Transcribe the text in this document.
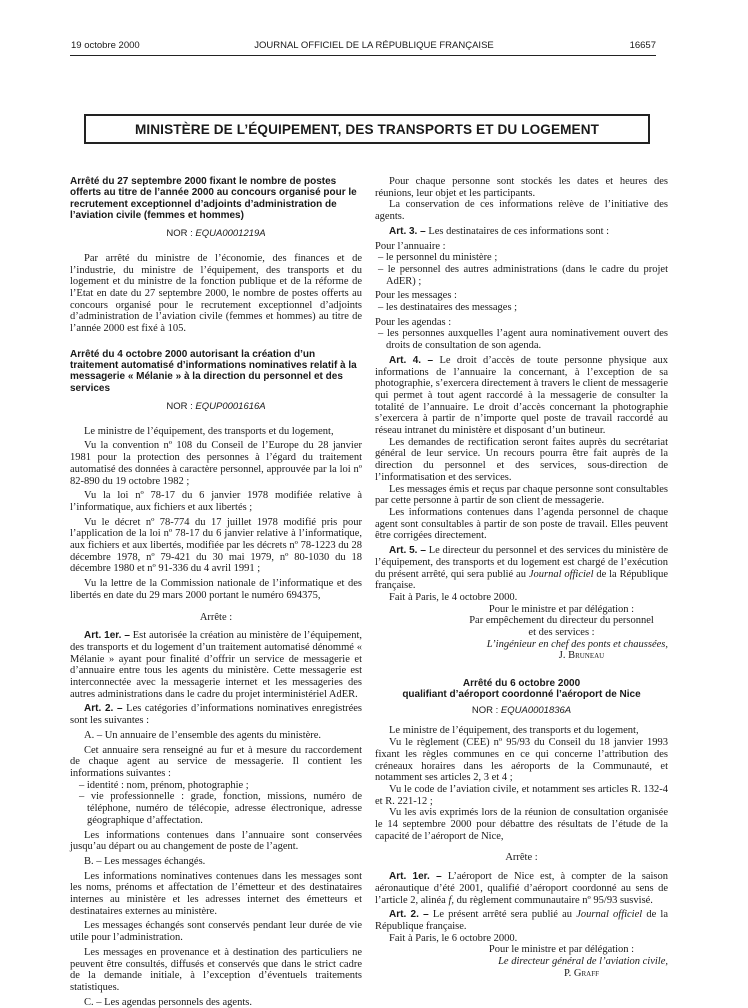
19 octobre 2000	JOURNAL OFFICIEL DE LA RÉPUBLIQUE FRANÇAISE	16657
MINISTÈRE DE L’ÉQUIPEMENT, DES TRANSPORTS ET DU LOGEMENT
Arrêté du 27 septembre 2000 fixant le nombre de postes offerts au titre de l’année 2000 au concours organisé pour le recrutement exceptionnel d’adjoints d’administration de l’aviation civile (femmes et hommes)
NOR : EQUA0001219A

Par arrêté du ministre de l’économie, des finances et de l’industrie, du ministre de l’équipement, des transports et du logement et du ministre de la fonction publique et de la réforme de l’Etat en date du 27 septembre 2000, le nombre de postes offerts au concours organisé pour le recrutement exceptionnel d’adjoints d’administration de l’aviation civile (femmes et hommes) au titre de l’année 2000 est fixé à 105.

Arrêté du 4 octobre 2000 autorisant la création d’un traitement automatisé d’informations nominatives relatif à la messagerie « Mélanie » à la direction du personnel et des services
NOR : EQUP0001616A

Le ministre de l’équipement, des transports et du logement,

Vu la convention nº 108 du Conseil de l’Europe du 28 janvier 1981 pour la protection des personnes à l’égard du traitement automatisé des données à caractère personnel, approuvée par la loi nº 82-890 du 19 octobre 1982 ;

Vu la loi nº 78-17 du 6 janvier 1978 modifiée relative à l’informatique, aux fichiers et aux libertés ;

Vu le décret nº 78-774 du 17 juillet 1978 modifié pris pour l’application de la loi nº 78-17 du 6 janvier relative à l’informatique, aux fichiers et aux libertés, modifiée par les décrets nº 78-1223 du 28 décembre 1978, nº 79-421 du 30 mai 1979, nº 80-1030 du 18 décembre 1980 et nº 91-336 du 4 avril 1991 ;

Vu la lettre de la Commission nationale de l’informatique et des libertés en date du 29 mars 2000 portant le numéro 694375,

Arrête :

Art. 1er. – Est autorisée la création au ministère de l’équipement, des transports et du logement d’un traitement automatisé dénommé « Mélanie » ayant pour finalité d’offrir un service de messagerie et d’annuaire entre tous les agents du ministère. Cette messagerie est interconnectée avec la messagerie internet et les messageries des autres administrations dans le cadre du projet interministériel AdER.

Art. 2. – Les catégories d’informations nominatives enregistrées sont les suivantes :

A. – Un annuaire de l’ensemble des agents du ministère.

Cet annuaire sera renseigné au fur et à mesure du raccordement de chaque agent au service de messagerie. Il contient les informations suivantes :

– identité : nom, prénom, photographie ;
– vie professionnelle : grade, fonction, missions, numéro de téléphone, numéro de télécopie, adresse électronique, adresse géographique d’affectation.

Les informations contenues dans l’annuaire sont conservées jusqu’au départ ou au changement de poste de l’agent.

B. – Les messages échangés.

Les informations nominatives contenues dans les messages sont les noms, prénoms et affectation de l’émetteur et des destinataires internes au ministère et les adresses internet des émetteurs et destinataires externes au ministère.

Les messages échangés sont conservés pendant leur durée de vie utile pour l’administration.

Les messages en provenance et à destination des particuliers ne peuvent être consultés, diffusés et conservés que dans le strict cadre de la demande initiale, à l’exception d’éventuels traitements statistiques.

C. – Les agendas personnels des agents.

Pour chaque personne sont stockés les dates et heures des réunions, leur objet et les participants.

La conservation de ces informations relève de l’initiative des agents.

Art. 3. – Les destinataires de ces informations sont :

Pour l’annuaire :

– le personnel du ministère ;
– le personnel des autres administrations (dans le cadre du projet AdER) ;

Pour les messages :

– les destinataires des messages ;

Pour les agendas :

– les personnes auxquelles l’agent aura nominativement ouvert des droits de consultation de son agenda.

Art. 4. – Le droit d’accès de toute personne physique aux informations de l’annuaire la concernant, à l’exception de sa photographie, s’exercera directement à travers le client de messagerie qui permet à tout agent raccordé à la messagerie de consulter la totalité de l’annuaire. Le droit d’accès concernant la photographie s’exercera à partir de n’importe quel poste de travail raccordé au réseau intranet du ministère et disposant d’un butineur.

Les demandes de rectification seront faites auprès du secrétariat général de leur service. Un recours pourra être fait auprès de la direction du personnel et des services, sous-direction de l’informatisation et des services.

Les messages émis et reçus par chaque personne sont consultables par cette personne à partir de son client de messagerie.

Les informations contenues dans l’agenda personnel de chaque agent sont consultables à partir de son poste de travail. Elles peuvent être corrigées directement.

Art. 5. – Le directeur du personnel et des services du ministère de l’équipement, des transports et du logement est chargé de l’exécution du présent arrêté, qui sera publié au Journal officiel de la République française.

Fait à Paris, le 4 octobre 2000.

Pour le ministre et par délégation :
Par empêchement du directeur du personnel
et des services :
L’ingénieur en chef des ponts et chaussées,
J. Bruneau
Arrêté du 6 octobre 2000
qualifiant d’aéroport coordonné l’aéroport de Nice
NOR : EQUA0001836A

Le ministre de l’équipement, des transports et du logement,

Vu le règlement (CEE) nº 95/93 du Conseil du 18 janvier 1993 fixant les règles communes en ce qui concerne l’attribution des créneaux horaires dans les aéroports de la Communauté, et notamment ses articles 2, 3 et 4 ;

Vu le code de l’aviation civile, et notamment ses articles R. 132-4 et R. 221-12 ;

Vu les avis exprimés lors de la réunion de consultation organisée le 14 septembre 2000 pour débattre des résultats de l’étude de la capacité de l’aéroport de Nice,

Arrête :

Art. 1er. – L’aéroport de Nice est, à compter de la saison aéronautique d’été 2001, qualifié d’aéroport coordonné au sens de l’article 2, alinéa f, du règlement communautaire nº 95/93 susvisé.

Art. 2. – Le présent arrêté sera publié au Journal officiel de la République française.

Fait à Paris, le 6 octobre 2000.

Pour le ministre et par délégation :
Le directeur général de l’aviation civile,
P. Graff
